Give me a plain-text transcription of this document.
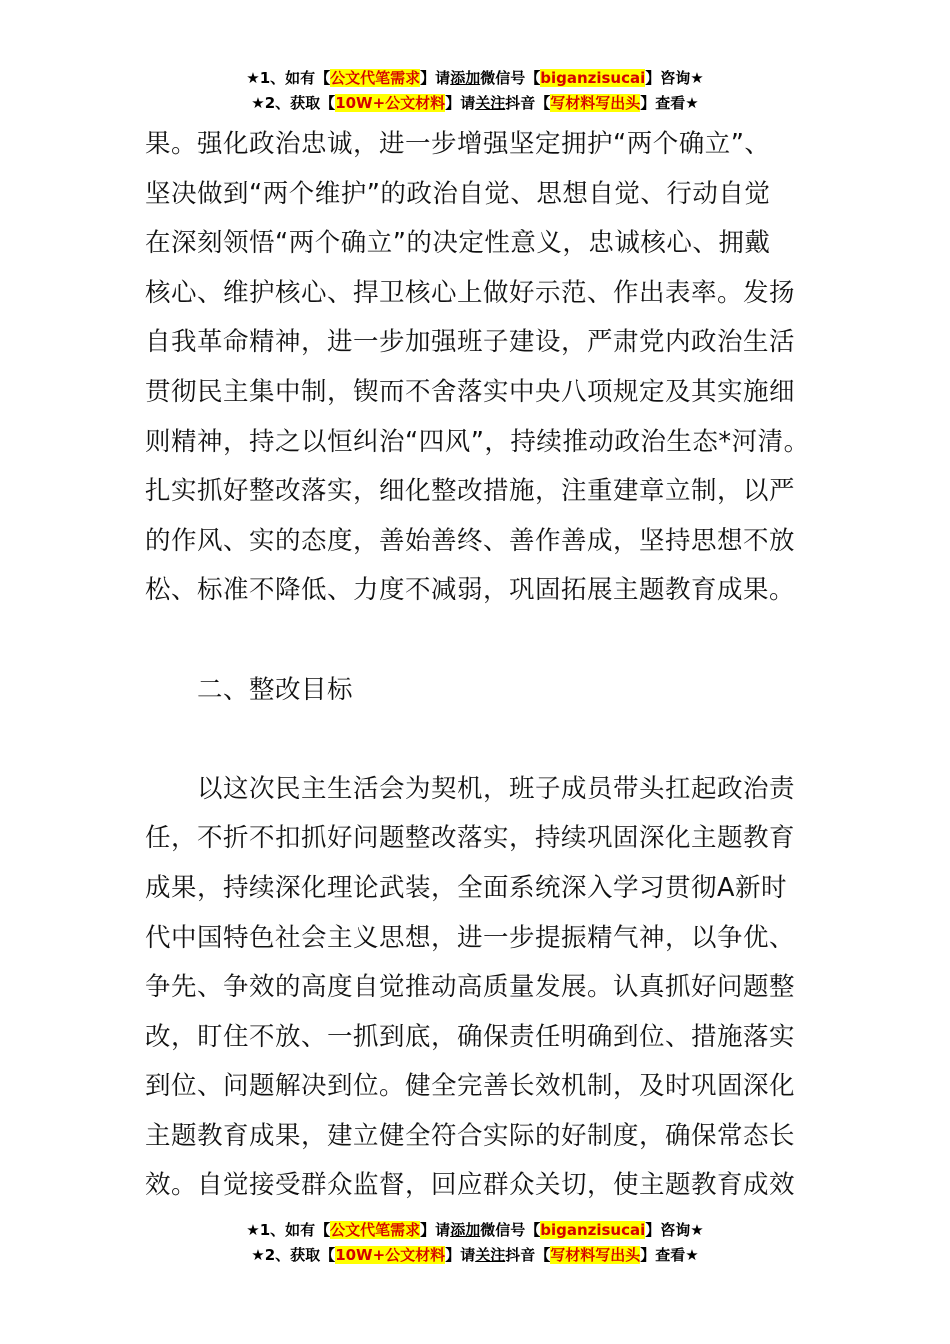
★1、如有【公文代笔需求】请添加微信号【biganzisucai】咨询★
★2、获取【10W+公文材料】请关注抖音【写材料写出头】查看★

果。强化政治忠诚，进一步增强坚定拥护“两个确立”、

坚决做到“两个维护”的政治自觉、思想自觉、行动自觉

在深刻领悟“两个确立”的决定性意义，忠诚核心、拥戴

核心、维护核心、捍卫核心上做好示范、作出表率。发扬

自我革命精神，进一步加强班子建设，严肃党内政治生活

贯彻民主集中制，锲而不舍落实中央八项规定及其实施细

则精神，持之以恒纠治“四风”，持续推动政治生态*河清。

扎实抓好整改落实，细化整改措施，注重建章立制，以严

的作风、实的态度，善始善终、善作善成，坚持思想不放

松、标准不降低、力度不减弱，巩固拓展主题教育成果。

二、整改目标

以这次民主生活会为契机，班子成员带头扛起政治责

任，不折不扣抓好问题整改落实，持续巩固深化主题教育

成果，持续深化理论武装，全面系统深入学习贯彻A新时

代中国特色社会主义思想，进一步提振精气神，以争优、

争先、争效的高度自觉推动高质量发展。认真抓好问题整

改，盯住不放、一抓到底，确保责任明确到位、措施落实

到位、问题解决到位。健全完善长效机制，及时巩固深化

主题教育成果，建立健全符合实际的好制度，确保常态长

效。自觉接受群众监督，回应群众关切，使主题教育成效

★1、如有【公文代笔需求】请添加微信号【biganzisucai】咨询★
★2、获取【10W+公文材料】请关注抖音【写材料写出头】查看★
